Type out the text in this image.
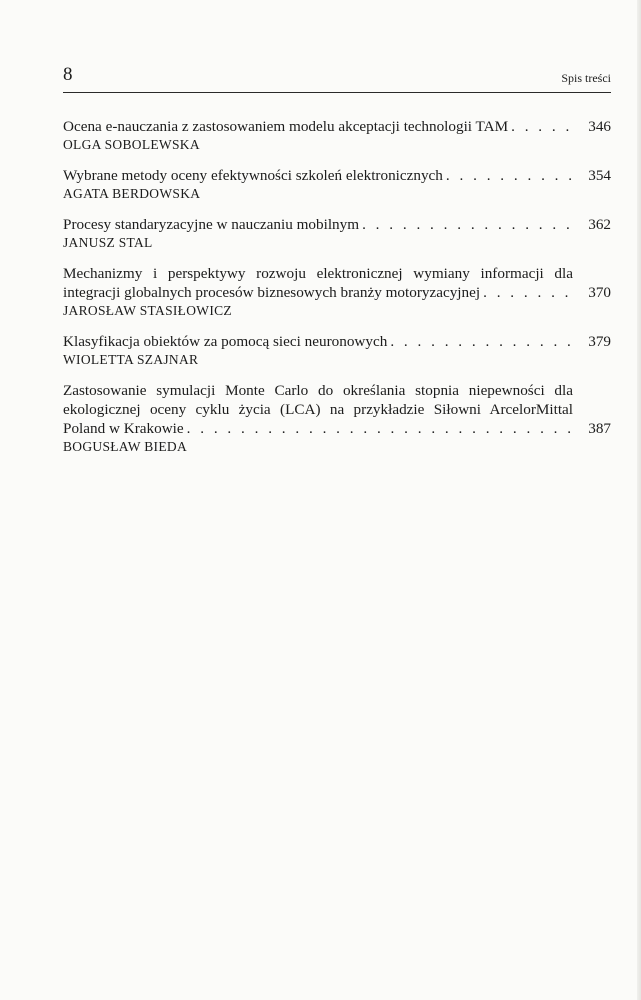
8	Spis treści
Ocena e-nauczania z zastosowaniem modelu akceptacji technologii TAM . . .	346
OLGA SOBOLEWSKA
Wybrane metody oceny efektywności szkoleń elektronicznych . . .	354
AGATA BERDOWSKA
Procesy standaryzacyjne w nauczaniu mobilnym . . .	362
JANUSZ STAL
Mechanizmy i perspektywy rozwoju elektronicznej wymiany informacji dla
integracji globalnych procesów biznesowych branży motoryzacyjnej . . .	370
JAROSŁAW STASIŁOWICZ
Klasyfikacja obiektów za pomocą sieci neuronowych . . .	379
WIOLETTA SZAJNAR
Zastosowanie symulacji Monte Carlo do określania stopnia niepewności dla
ekologicznej oceny cyklu życia (LCA) na przykładzie Siłowni ArcelorMittal
Poland w Krakowie . . .	387
BOGUSŁAW BIEDA
